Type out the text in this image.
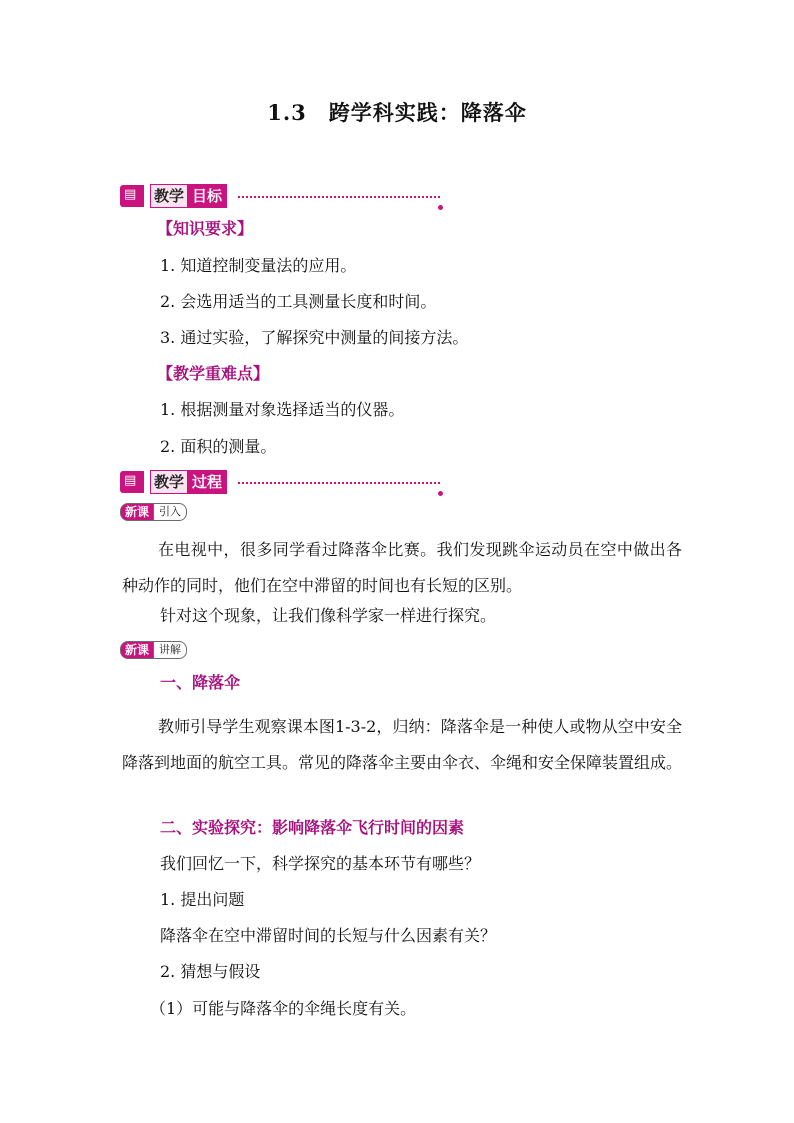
1.3 跨学科实践：降落伞
▤	教学 目标
【知识要求】
1. 知道控制变量法的应用。
2. 会选用适当的工具测量长度和时间。
3. 通过实验，了解探究中测量的间接方法。
【教学重难点】
1. 根据测量对象选择适当的仪器。
2. 面积的测量。
▤	教学 过程
新课 引入
在电视中，很多同学看过降落伞比赛。我们发现跳伞运动员在空中做出各种动作的同时，他们在空中滞留的时间也有长短的区别。
针对这个现象，让我们像科学家一样进行探究。
新课 讲解
一、降落伞
教师引导学生观察课本图1-3-2，归纳：降落伞是一种使人或物从空中安全降落到地面的航空工具。常见的降落伞主要由伞衣、伞绳和安全保障装置组成。
二、实验探究：影响降落伞飞行时间的因素
我们回忆一下，科学探究的基本环节有哪些？
1. 提出问题
降落伞在空中滞留时间的长短与什么因素有关？
2. 猜想与假设
（1）可能与降落伞的伞绳长度有关。
